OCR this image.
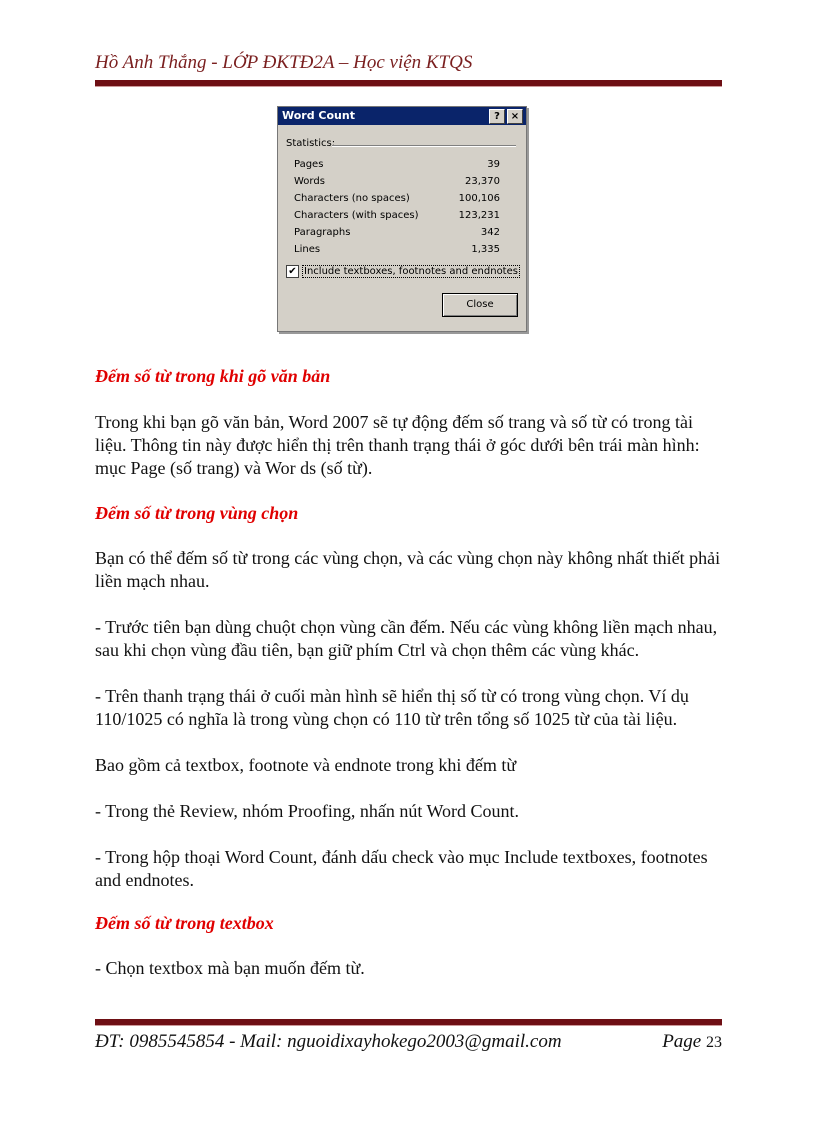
Hồ Anh Thắng - LỚP ĐKTĐ2A – Học viện KTQS
Word Count	?	×
Statistics:
Pages	39
Words	23,370
Characters (no spaces)	100,106
Characters (with spaces)	123,231
Paragraphs	342
Lines	1,335
✔ Include textboxes, footnotes and endnotes
Close
Đếm số từ trong khi gõ văn bản

Trong khi bạn gõ văn bản, Word 2007 sẽ tự động đếm số trang và số từ có trong tài liệu. Thông tin này được hiển thị trên thanh trạng thái ở góc dưới bên trái màn hình: mục Page (số trang) và Wor ds (số từ).

Đếm số từ trong vùng chọn

Bạn có thể đếm số từ trong các vùng chọn, và các vùng chọn này không nhất thiết phải liền mạch nhau.

- Trước tiên bạn dùng chuột chọn vùng cần đếm. Nếu các vùng không liền mạch nhau, sau khi chọn vùng đầu tiên, bạn giữ phím Ctrl và chọn thêm các vùng khác.

- Trên thanh trạng thái ở cuối màn hình sẽ hiển thị số từ có trong vùng chọn. Ví dụ 110/1025 có nghĩa là trong vùng chọn có 110 từ trên tổng số 1025 từ của tài liệu.

Bao gồm cả textbox, footnote và endnote trong khi đếm từ

- Trong thẻ Review, nhóm Proofing, nhấn nút Word Count.

- Trong hộp thoại Word Count, đánh dấu check vào mục Include textboxes, footnotes and endnotes.

Đếm số từ trong textbox

- Chọn textbox mà bạn muốn đếm từ.

ĐT: 0985545854 - Mail: nguoidixayhokego2003@gmail.com	Page 23
